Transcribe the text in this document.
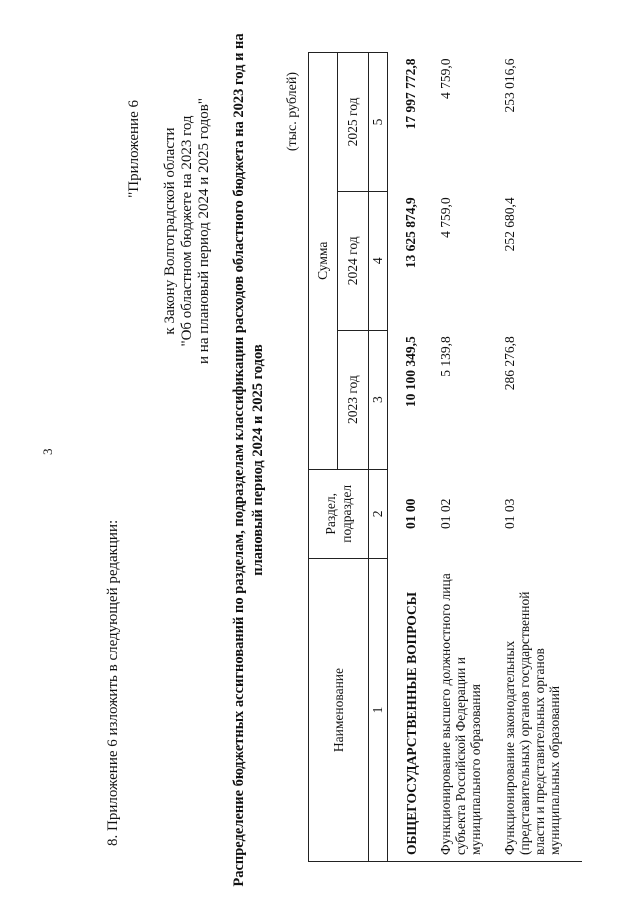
3
8. Приложение 6 изложить в следующей редакции:
"Приложение 6 к Закону Волгоградской области "Об областном бюджете на 2023 год и на плановый период 2024 и 2025 годов" Распределение бюджетных ассигнований по разделам, подразделам классификации расходов областного бюджета на 2023 год и на плановый период 2024 и 2025 годов
(тыс. рублей)
Наименование	Раздел, подраздел	Сумма		
		2023 год	2024 год	2025 год
1	2	3	4	5
ОБЩЕГОСУДАРСТВЕННЫЕ ВОПРОСЫ	01 00	10 100 349,5	13 625 874,9	17 997 772,8
Функционирование высшего должностного лица субъекта Российской Федерации и муниципального образования	01 02	5 139,8	4 759,0	4 759,0
Функционирование законодательных (представительных) органов государственной власти и представительных органов муниципальных образований	01 03	286 276,8	252 680,4	253 016,6
